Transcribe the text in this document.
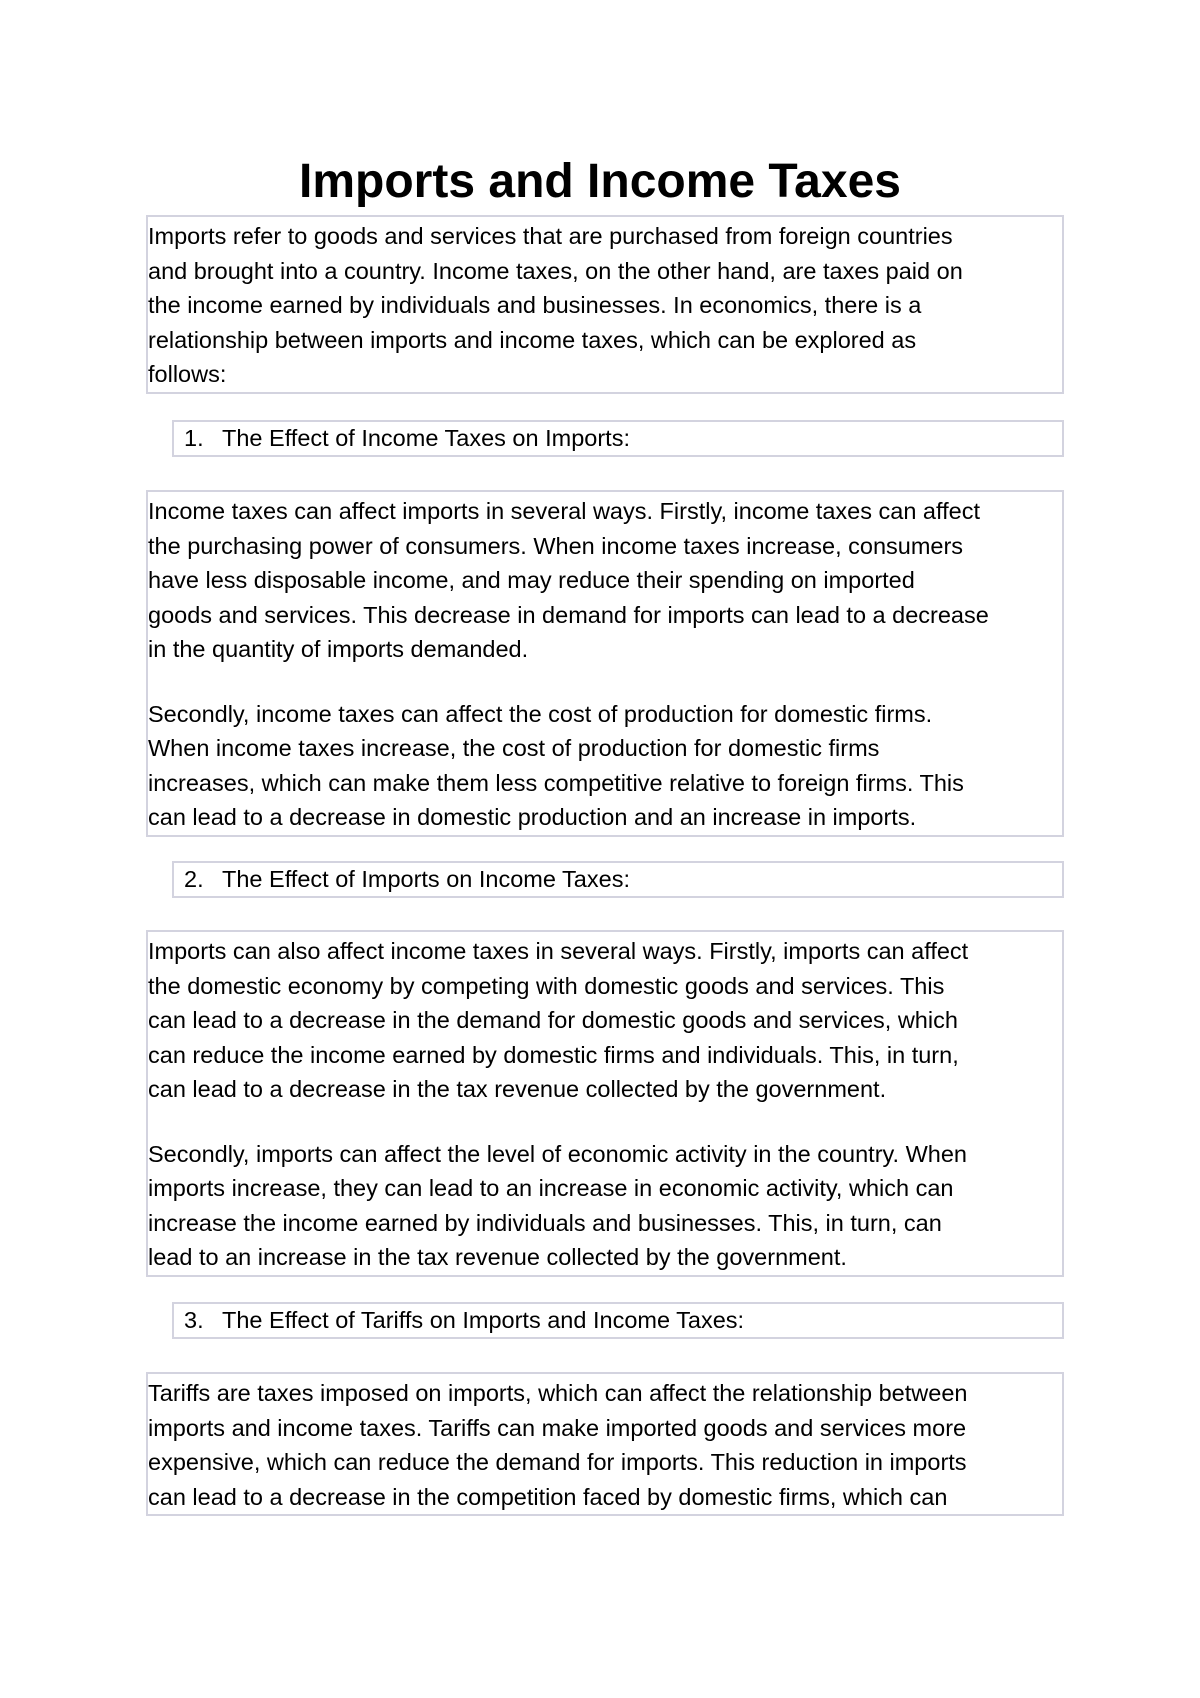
Imports and Income Taxes

Imports refer to goods and services that are purchased from foreign countries

and brought into a country. Income taxes, on the other hand, are taxes paid on

the income earned by individuals and businesses. In economics, there is a

relationship between imports and income taxes, which can be explored as

follows:

1. The Effect of Income Taxes on Imports:

Income taxes can affect imports in several ways. Firstly, income taxes can affect

the purchasing power of consumers. When income taxes increase, consumers

have less disposable income, and may reduce their spending on imported

goods and services. This decrease in demand for imports can lead to a decrease

in the quantity of imports demanded.

Secondly, income taxes can affect the cost of production for domestic firms.

When income taxes increase, the cost of production for domestic firms

increases, which can make them less competitive relative to foreign firms. This

can lead to a decrease in domestic production and an increase in imports.

2. The Effect of Imports on Income Taxes:

Imports can also affect income taxes in several ways. Firstly, imports can affect

the domestic economy by competing with domestic goods and services. This

can lead to a decrease in the demand for domestic goods and services, which

can reduce the income earned by domestic firms and individuals. This, in turn,

can lead to a decrease in the tax revenue collected by the government.

Secondly, imports can affect the level of economic activity in the country. When

imports increase, they can lead to an increase in economic activity, which can

increase the income earned by individuals and businesses. This, in turn, can

lead to an increase in the tax revenue collected by the government.

3. The Effect of Tariffs on Imports and Income Taxes:

Tariffs are taxes imposed on imports, which can affect the relationship between

imports and income taxes. Tariffs can make imported goods and services more

expensive, which can reduce the demand for imports. This reduction in imports

can lead to a decrease in the competition faced by domestic firms, which can
